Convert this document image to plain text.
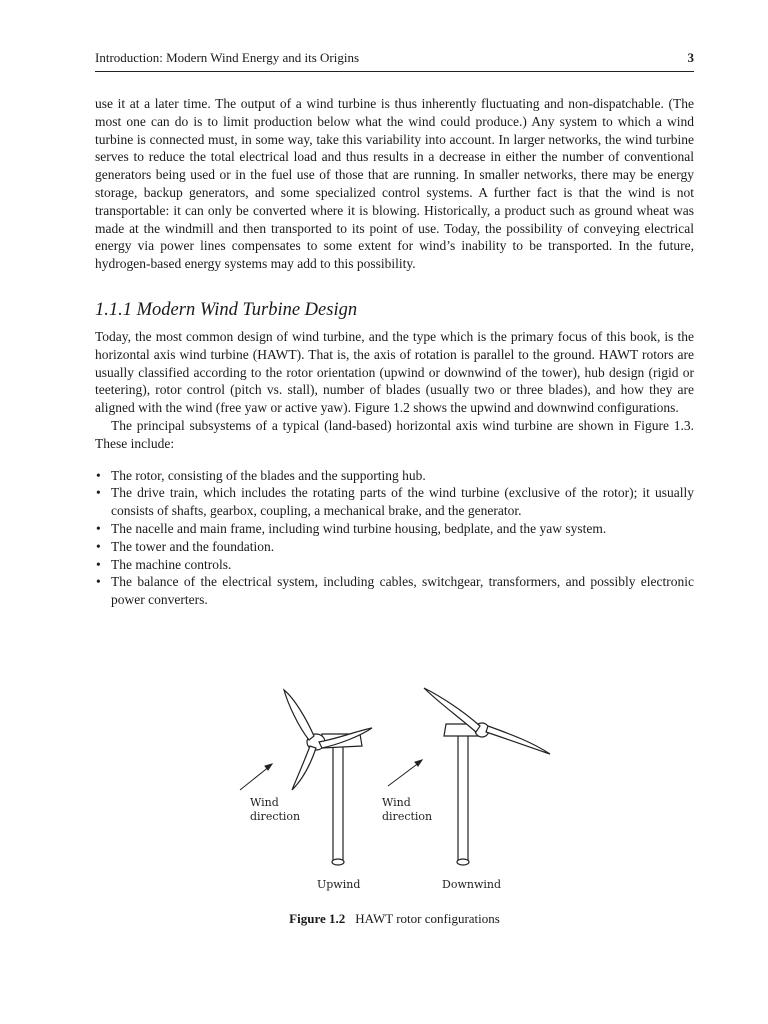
Introduction: Modern Wind Energy and its Origins	3

use it at a later time. The output of a wind turbine is thus inherently fluctuating and non-dispatchable. (The most one can do is to limit production below what the wind could produce.) Any system to which a wind turbine is connected must, in some way, take this variability into account. In larger networks, the wind turbine serves to reduce the total electrical load and thus results in a decrease in either the number of conventional generators being used or in the fuel use of those that are running. In smaller networks, there may be energy storage, backup generators, and some specialized control systems. A further fact is that the wind is not transportable: it can only be converted where it is blowing. Historically, a product such as ground wheat was made at the windmill and then transported to its point of use. Today, the possibility of conveying electrical energy via power lines compensates to some extent for wind’s inability to be transported. In the future, hydrogen-based energy systems may add to this possibility.

1.1.1 Modern Wind Turbine Design

Today, the most common design of wind turbine, and the type which is the primary focus of this book, is the horizontal axis wind turbine (HAWT). That is, the axis of rotation is parallel to the ground. HAWT rotors are usually classified according to the rotor orientation (upwind or downwind of the tower), hub design (rigid or teetering), rotor control (pitch vs. stall), number of blades (usually two or three blades), and how they are aligned with the wind (free yaw or active yaw). Figure 1.2 shows the upwind and downwind configurations.

The principal subsystems of a typical (land-based) horizontal axis wind turbine are shown in Figure 1.3. These include:

• The rotor, consisting of the blades and the supporting hub.
• The drive train, which includes the rotating parts of the wind turbine (exclusive of the rotor); it usually consists of shafts, gearbox, coupling, a mechanical brake, and the generator.
• The nacelle and main frame, including wind turbine housing, bedplate, and the yaw system.
• The tower and the foundation.
• The machine controls.
• The balance of the electrical system, including cables, switchgear, transformers, and possibly electronic power converters.
Wind
direction
Wind
direction
Upwind	Downwind
Figure 1.2 HAWT rotor configurations
